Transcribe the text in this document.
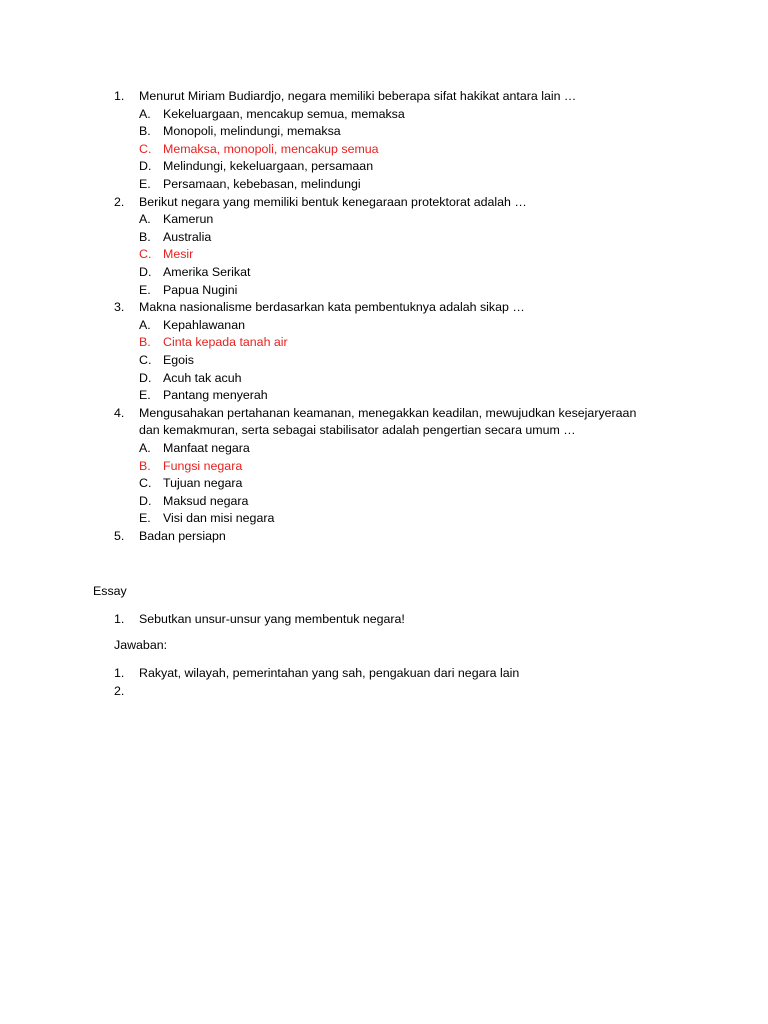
1. Menurut Miriam Budiardjo, negara memiliki beberapa sifat hakikat antara lain …
A. Kekeluargaan, mencakup semua, memaksa
B. Monopoli, melindungi, memaksa
C. Memaksa, monopoli, mencakup semua
D. Melindungi, kekeluargaan, persamaan
E. Persamaan, kebebasan, melindungi
2. Berikut negara yang memiliki bentuk kenegaraan protektorat adalah …
A. Kamerun
B. Australia
C. Mesir
D. Amerika Serikat
E. Papua Nugini
3. Makna nasionalisme berdasarkan kata pembentuknya adalah sikap …
A. Kepahlawanan
B. Cinta kepada tanah air
C. Egois
D. Acuh tak acuh
E. Pantang menyerah
4. Mengusahakan pertahanan keamanan, menegakkan keadilan, mewujudkan kesejaryeraan
dan kemakmuran, serta sebagai stabilisator adalah pengertian secara umum …
A. Manfaat negara
B. Fungsi negara
C. Tujuan negara
D. Maksud negara
E. Visi dan misi negara
5. Badan persiapn
Essay
1. Sebutkan unsur-unsur yang membentuk negara!
Jawaban:
1. Rakyat, wilayah, pemerintahan yang sah, pengakuan dari negara lain
2.
